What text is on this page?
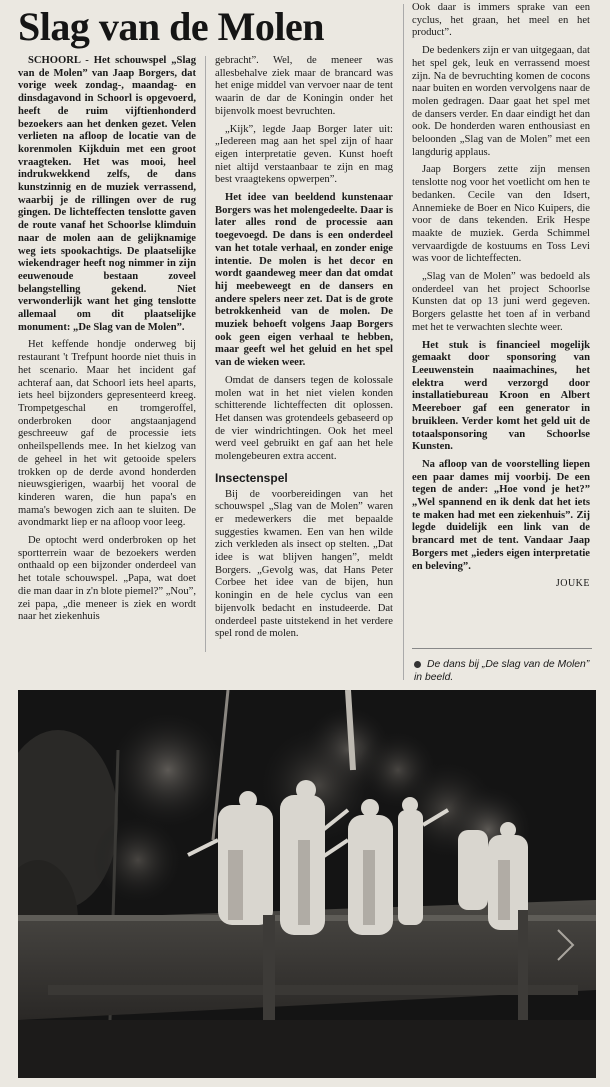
Slag van de Molen

SCHOORL - Het schouwspel „Slag van de Molen” van Jaap Borgers, dat vorige week zondag-, maandag- en dinsdagavond in Schoorl is opgevoerd, heeft de ruim vijftienhonderd bezoekers aan het denken gezet. Velen verlieten na afloop de locatie van de korenmolen Kijkduin met een groot vraagteken. Het was mooi, heel indrukwekkend zelfs, de dans kunstzinnig en de muziek verrassend, waarbij je de rillingen over de rug gingen. De lichteffecten tenslotte gaven de route vanaf het Schoorlse klimduin naar de molen aan de gelijknamige weg iets spookachtigs. De plaatselijke wiekendrager heeft nog nimmer in zijn eeuwenoude bestaan zoveel belangstelling gekend. Niet verwonderlijk want het ging tenslotte allemaal om dit plaatselijke monument: „De Slag van de Molen”.

Het keffende hondje onderweg bij restaurant 't Trefpunt hoorde niet thuis in het scenario. Maar het incident gaf achteraf aan, dat Schoorl iets heel aparts, iets heel bijzonders gepresenteerd kreeg. Trompetgeschal en tromgeroffel, onderbroken door angstaanjagend geschreeuw gaf de processie iets onheilspellends mee. In het kielzog van de geheel in het wit getooide spelers trokken op de derde avond honderden nieuwsgierigen, waarbij het vooral de kinderen waren, die hun papa's en mama's bewogen zich aan te sluiten. De avondmarkt liep er na afloop voor leeg.

De optocht werd onderbroken op het sportterrein waar de bezoekers werden onthaald op een bijzonder onderdeel van het totale schouwspel. „Papa, wat doet die man daar in z'n blote piemel?” „Nou”, zei papa, „die meneer is ziek en wordt naar het ziekenhuis

gebracht”. Wel, de meneer was allesbehalve ziek maar de brancard was het enige middel van vervoer naar de tent waarin de dar de Koningin onder het bijenvolk moest bevruchten.

„Kijk”, legde Jaap Borger later uit: „Iedereen mag aan het spel zijn of haar eigen interpretatie geven. Kunst hoeft niet altijd verstaanbaar te zijn en mag best vraagtekens opwerpen”.

Het idee van beeldend kunstenaar Borgers was het molengedeelte. Daar is later alles rond de processie aan toegevoegd. De dans is een onderdeel van het totale verhaal, en zonder enige intentie. De molen is het decor en wordt gaandeweg meer dan dat omdat hij meebeweegt en de dansers en andere spelers neer zet. Dat is de grote betrokkenheid van de molen. De muziek behoeft volgens Jaap Borgers ook geen eigen verhaal te hebben, maar geeft wel het geluid en het spel van de wieken weer.

Omdat de dansers tegen de kolossale molen wat in het niet vielen konden schitterende lichteffecten dit oplossen. Het dansen was grotendeels gebaseerd op de vier windrichtingen. Ook het meel werd veel gebruikt en gaf aan het hele molengebeuren extra accent.

Insectenspel

Bij de voorbereidingen van het schouwspel „Slag van de Molen” waren er medewerkers die met bepaalde suggesties kwamen. Een van hen wilde zich verkleden als insect op stelten. „Dat idee is wat blijven hangen”, meldt Borgers. „Gevolg was, dat Hans Peter Corbee het idee van de bijen, hun koningin en de hele cyclus van een bijenvolk bedacht en instudeerde. Dat onderdeel paste uitstekend in het verdere spel rond de molen.

Ook daar is immers sprake van een cyclus, het graan, het meel en het product”.

De bedenkers zijn er van uitgegaan, dat het spel gek, leuk en verrassend moest zijn. Na de bevruchting komen de cocons naar buiten en worden vervolgens naar de molen gedragen. Daar gaat het spel met de dansers verder. En daar eindigt het dan ook. De honderden waren enthousiast en beloonden „Slag van de Molen” met een langdurig applaus.

Jaap Borgers zette zijn mensen tenslotte nog voor het voetlicht om hen te bedanken. Cecile van den Idsert, Annemieke de Boer en Nico Kuipers, die voor de dans tekenden. Erik Hespe maakte de muziek. Gerda Schimmel vervaardigde de kostuums en Toss Levi was voor de lichteffecten.

„Slag van de Molen” was bedoeld als onderdeel van het project Schoorlse Kunsten dat op 13 juni werd gegeven. Borgers gelastte het toen af in verband met het te verwachten slechte weer.

Het stuk is financieel mogelijk gemaakt door sponsoring van Leeuwenstein naaimachines, het elektra werd verzorgd door installatiebureau Kroon en Albert Meereboer gaf een generator in bruikleen. Verder komt het geld uit de totaalsponsoring van Schoorlse Kunsten.

Na afloop van de voorstelling liepen een paar dames mij voorbij. De een tegen de ander: „Hoe vond je het?” „Wel spannend en ik denk dat het iets te maken had met een ziekenhuis”. Zij legde duidelijk een link van de brancard met de tent. Vandaar Jaap Borgers met „ieders eigen interpretatie en beleving”.

JOUKE
De dans bij „De slag van de Molen” in beeld.
